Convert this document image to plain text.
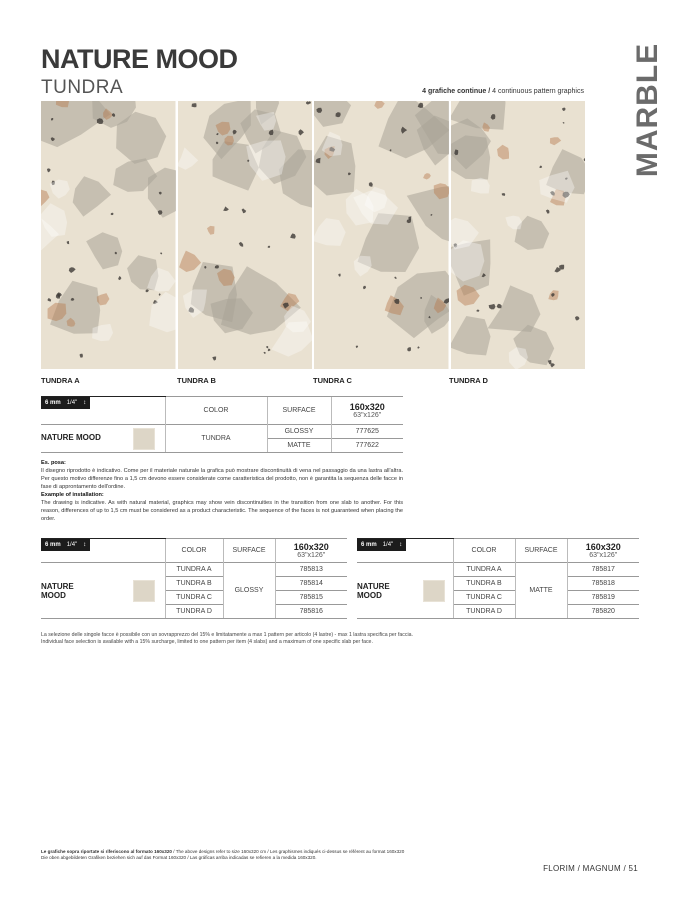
NATURE MOOD
TUNDRA	MARBLE
4 grafiche continue / 4 continuous pattern graphics
TUNDRA A	TUNDRA B	TUNDRA C	TUNDRA D
6 mm 1/4" ↕	COLOR	SURFACE	160x320
63"x126"

NATURE MOOD	TUNDRA	GLOSSY	777625
		MATTE	777622
Es. posa:
Il disegno riprodotto è indicativo. Come per il materiale naturale la grafica può mostrare discontinuità di vena nel passaggio da una lastra all'altra. Per questo motivo differenze fino a 1,5 cm devono essere considerate come caratteristica del prodotto, non è garantita la sequenza delle facce in fase di approntamento dell'ordine.
Example of installation:
The drawing is indicative. As with natural material, graphics may show vein discontinuities in the transition from one slab to another. For this reason, differences of up to 1,5 cm must be considered as a product characteristic. The sequence of the faces is not guaranteed when placing the order.
6 mm 1/4" ↕	COLOR	SURFACE	160x320
63"x126"

NATURE
MOOD	TUNDRA A	GLOSSY	785813
	TUNDRA B		785814
	TUNDRA C		785815
	TUNDRA D		785816
6 mm 1/4" ↕	COLOR	SURFACE	160x320
63"x126"

NATURE
MOOD	TUNDRA A	MATTE	785817
	TUNDRA B		785818
	TUNDRA C		785819
	TUNDRA D		785820
La selezione delle singole facce è possibile con un sovrapprezzo del 15% e limitatamente a max 1 pattern per articolo (4 lastre) - max 1 lastra specifica per faccia.
Individual face selection is available with a 15% surcharge, limited to one pattern per item (4 slabs) and a maximum of one specific slab per face.
Le grafiche sopra riportate si riferiscono al formato 160x320 / The above designs refer to size 160x320 cm / Les graphismes indiqués ci-dessus se réfèrent au format 160x320
Die oben abgebildeten Grafiken beziehen sich auf das Format 160x320 / Las gráficas arriba indicadas se refieren a la medida 160x320.
FLORIM / MAGNUM / 51
